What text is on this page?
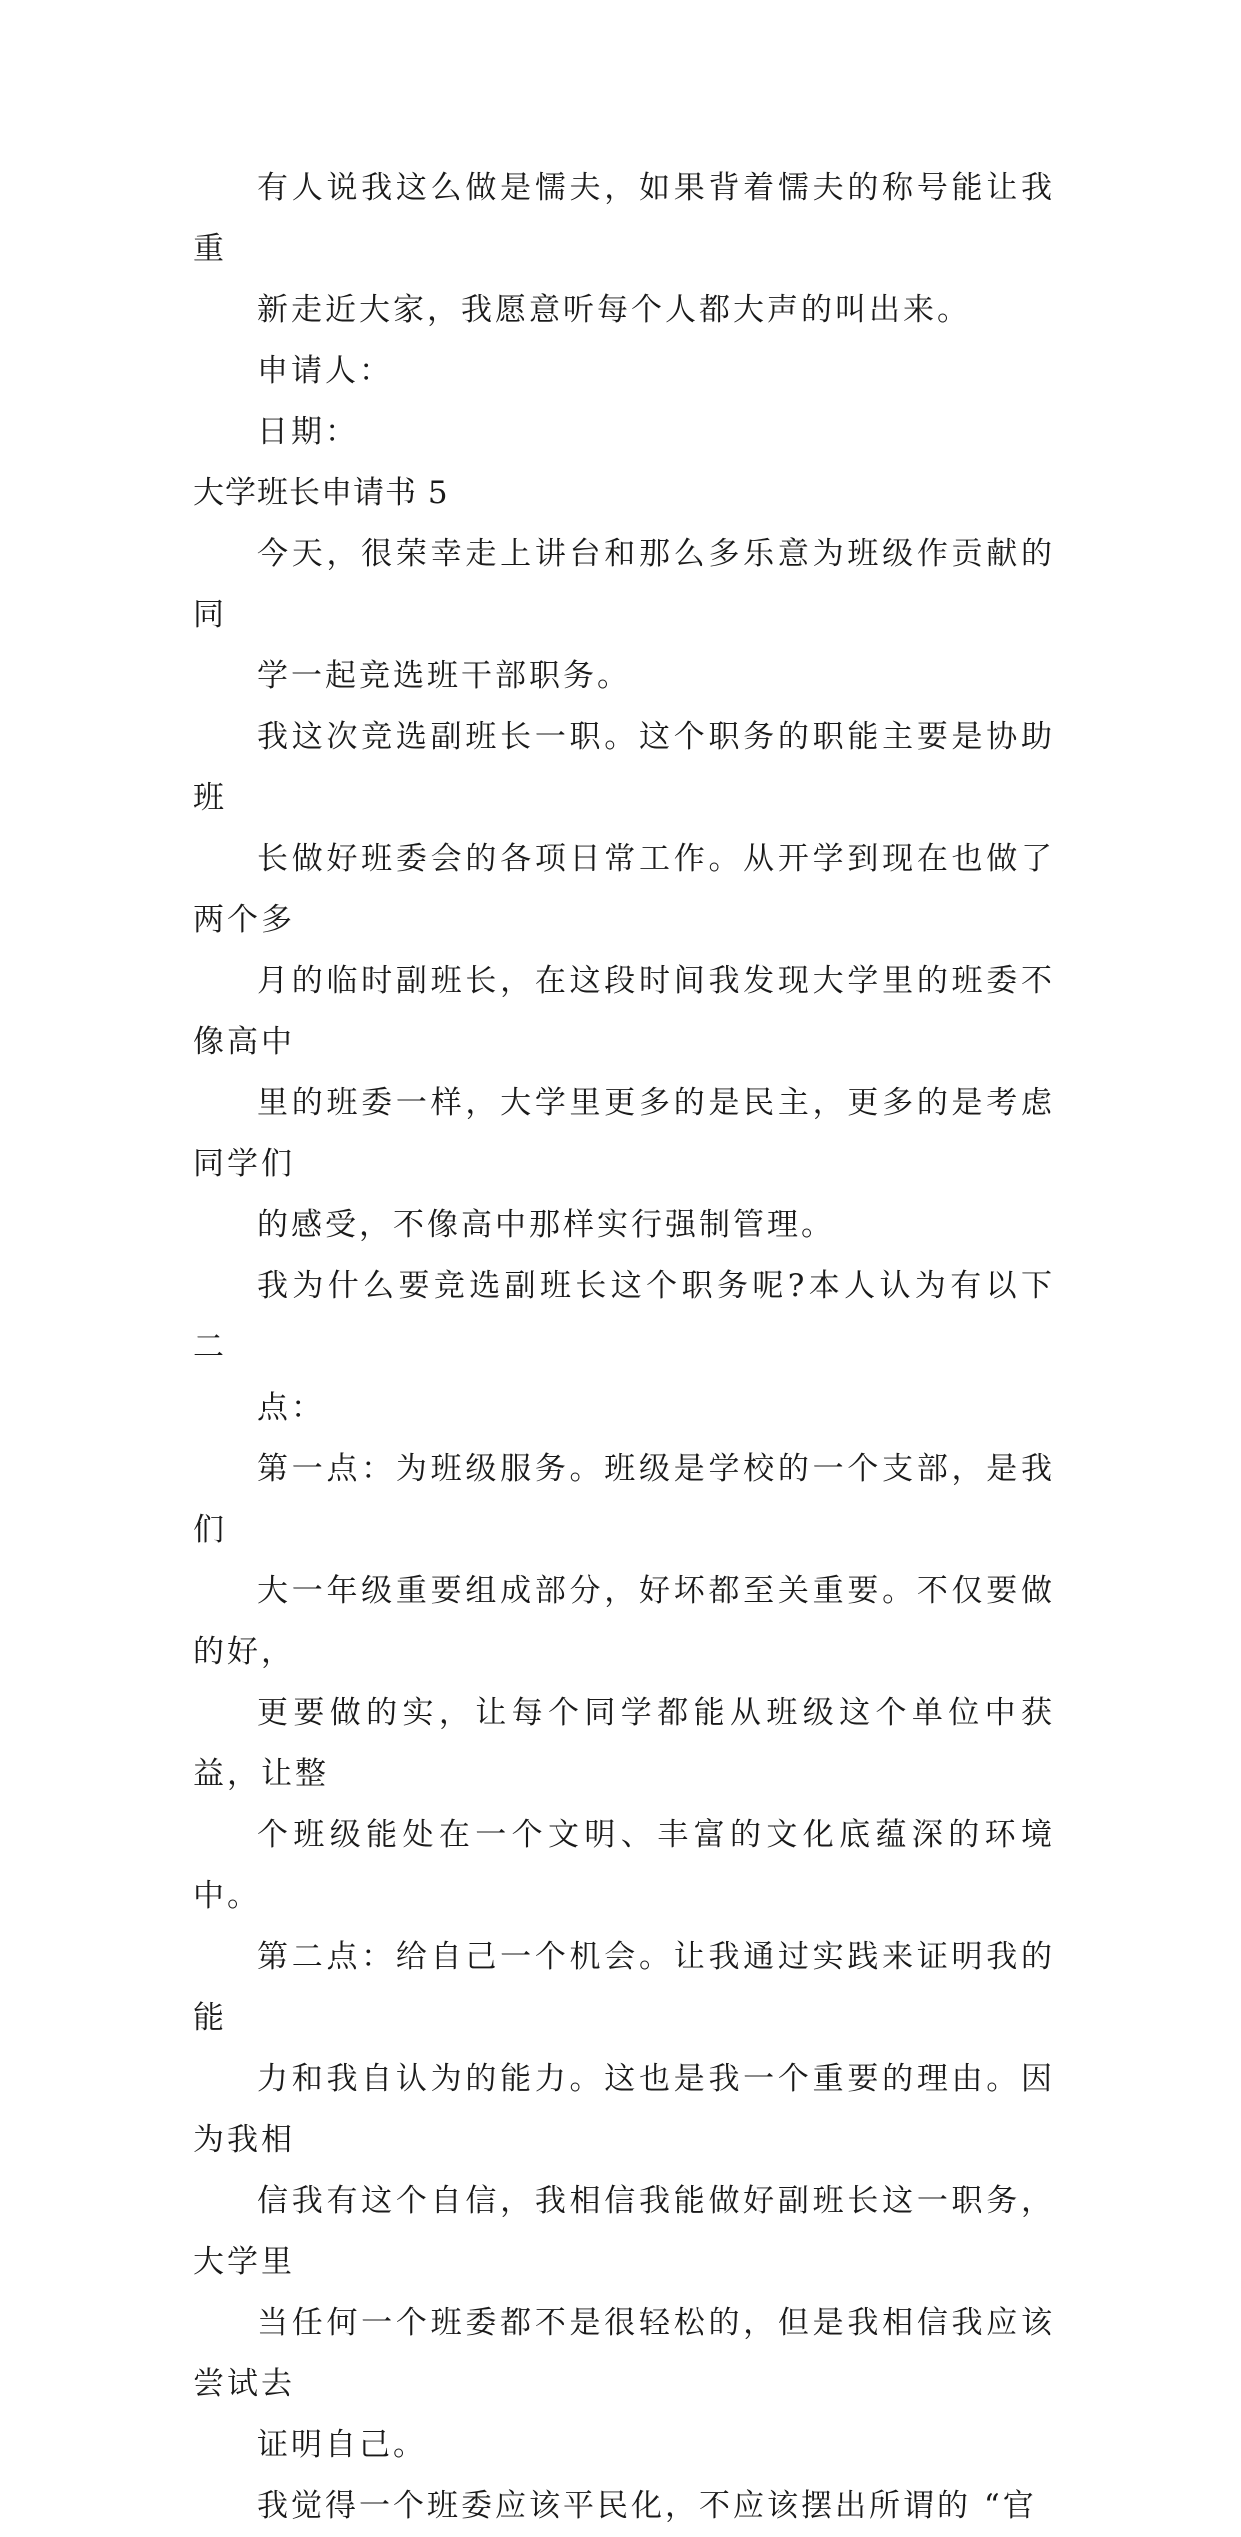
有人说我这么做是懦夫，如果背着懦夫的称号能让我重
新走近大家，我愿意听每个人都大声的叫出来。

申请人：

日期：

大学班长申请书 5

今天，很荣幸走上讲台和那么多乐意为班级作贡献的同
学一起竞选班干部职务。

我这次竞选副班长一职。这个职务的职能主要是协助班
长做好班委会的各项日常工作。从开学到现在也做了两个多
月的临时副班长，在这段时间我发现大学里的班委不像高中
里的班委一样，大学里更多的是民主，更多的是考虑同学们
的感受，不像高中那样实行强制管理。

我为什么要竞选副班长这个职务呢?本人认为有以下二
点：

第一点：为班级服务。班级是学校的一个支部，是我们
大一年级重要组成部分，好坏都至关重要。不仅要做的好，
更要做的实，让每个同学都能从班级这个单位中获益，让整
个班级能处在一个文明、丰富的文化底蕴深的环境中。

第二点：给自己一个机会。让我通过实践来证明我的能
力和我自认为的能力。这也是我一个重要的理由。因为我相
信我有这个自信，我相信我能做好副班长这一职务，大学里
当任何一个班委都不是很轻松的，但是我相信我应该尝试去
证明自己。

我觉得一个班委应该平民化，不应该摆出所谓的 “官
